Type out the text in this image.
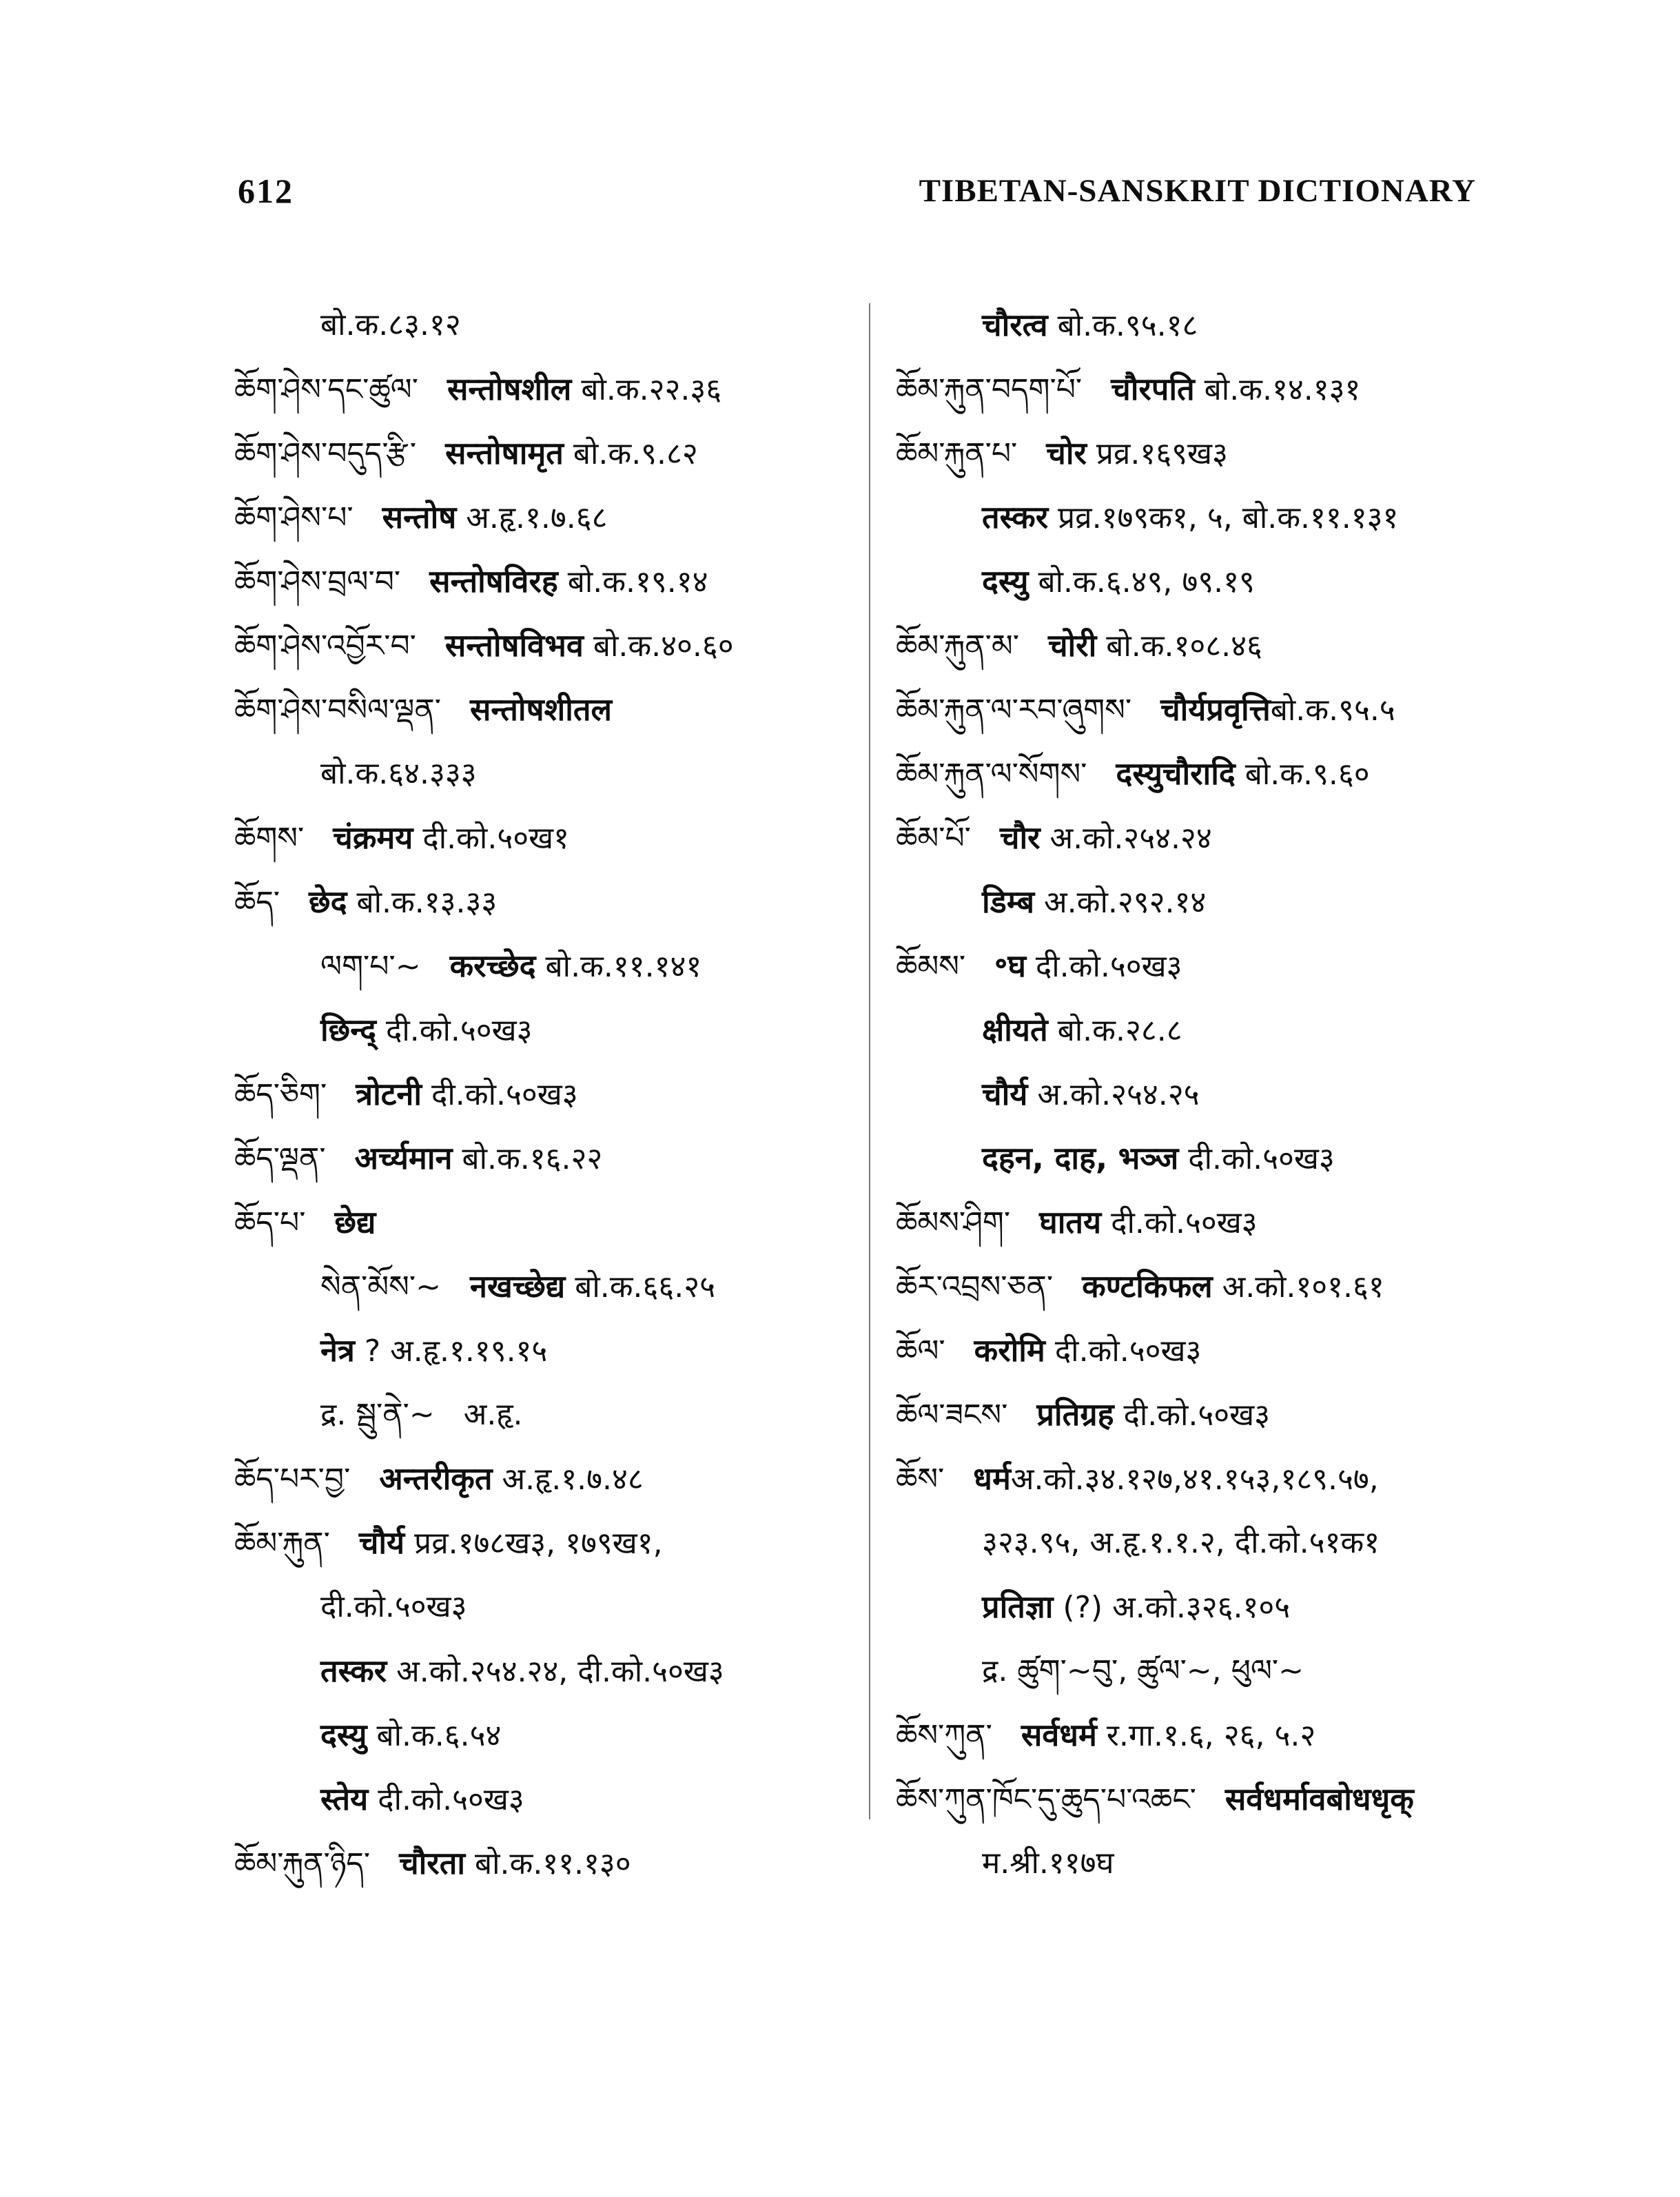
612	TIBETAN-SANSKRIT DICTIONARY
बो.क.८३.१२
ཆོག་ཤེས་དང་ཚུལ་ सन्तोषशील बो.क.२२.३६
ཆོག་ཤེས་བདུད་རྩི་ सन्तोषामृत बो.क.९.८२
ཆོག་ཤེས་པ་ सन्तोष अ.हृ.१.७.६८
ཆོག་ཤེས་བྲལ་བ་ सन्तोषविरह बो.क.१९.१४
ཆོག་ཤེས་འབྱོར་བ་ सन्तोषविभव बो.क.४०.६०
ཆོག་ཤེས་བསིལ་ལྡན་ सन्तोषशीतल
बो.क.६४.३३३
ཆོགས་ चंक्रमय दी.को.५०ख१
ཆོད་ छेद बो.क.१३.३३
ལག་པ་~ करच्छेद बो.क.११.१४१
छिन्द् दी.को.५०ख३
ཆོད་ཅིག་ त्रोटनी दी.को.५०ख३
ཆོད་ལྡན་ अर्च्यमान बो.क.१६.२२
ཆོད་པ་ छेद्य
སེན་མོས་~ नखच्छेद्य बो.क.६६.२५
नेत्र ? अ.हृ.१.१९.१५
द्र. སྦུ་ནེ་~ अ.हृ.
ཆོད་པར་བྱ་ अन्तरीकृत अ.हृ.१.७.४८
ཆོམ་རྐུན་ चौर्य प्रव्र.१७८ख३, १७९ख१,
दी.को.५०ख३
तस्कर अ.को.२५४.२४, दी.को.५०ख३
दस्यु बो.क.६.५४
स्तेय दी.को.५०ख३
ཆོམ་རྐུན་ཉིད་ चौरता बो.क.११.१३०
चौरत्व बो.क.९५.१८
ཆོམ་རྐུན་བདག་པོ་ चौरपति बो.क.१४.१३१
ཆོམ་རྐུན་པ་ चोर प्रव्र.१६९ख३
तस्कर प्रव्र.१७९क१, ५, बो.क.११.१३१
दस्यु बो.क.६.४९, ७९.१९
ཆོམ་རྐུན་མ་ चोरी बो.क.१०८.४६
ཆོམ་རྐུན་ལ་རབ་ཞུགས་ चौर्यप्रवृत्तिबो.क.९५.५
ཆོམ་རྐུན་ལ་སོགས་ दस्युचौरादि बो.क.९.६०
ཆོམ་པོ་ चौर अ.को.२५४.२४
डिम्ब अ.को.२९२.१४
ཆོམས་ ॰घ दी.को.५०ख३
क्षीयते बो.क.२८.८
चौर्य अ.को.२५४.२५
दहन, दाह, भञ्ज दी.को.५०ख३
ཆོམས་ཤིག་ घातय दी.को.५०ख३
ཆོར་འབྲས་ཅན་ कण्टकिफल अ.को.१०१.६१
ཆོལ་ करोमि दी.को.५०ख३
ཆོལ་ཟངས་ प्रतिग्रह दी.को.५०ख३
ཆོས་ धर्मअ.को.३४.१२७,४१.१५३,१८९.५७,
३२३.९५, अ.हृ.१.१.२, दी.को.५१क१
प्रतिज्ञा (?) अ.को.३२६.१०५
द्र. ཚུག་~བུ་, ཚུལ་~, ཕུལ་~
ཆོས་ཀུན་ सर्वधर्म र.गा.१.६, २६, ५.२
ཆོས་ཀུན་ཁོང་དུ་ཆུད་པ་འཆང་ सर्वधर्मावबोधधृक्
म.श्री.११७घ
